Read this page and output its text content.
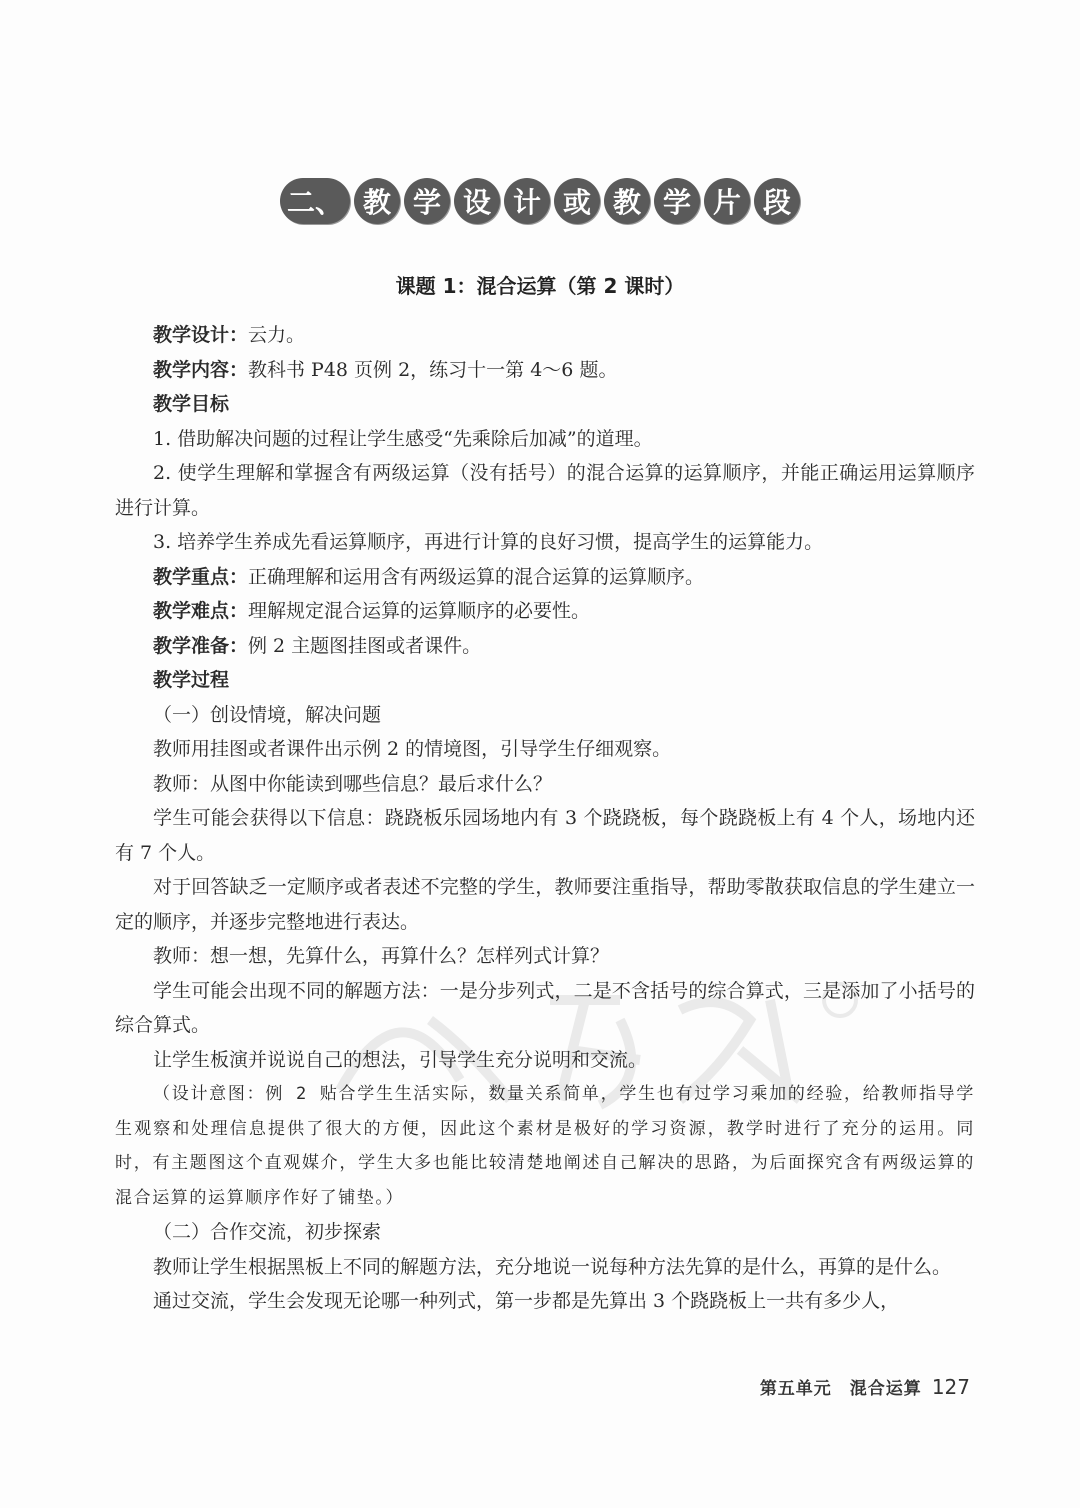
二、 教 学 设 计 或 教 学 片 段
课题 1：混合运算（第 2 课时）

教学设计：云力。

教学内容：教科书 P48 页例 2，练习十一第 4～6 题。

教学目标

1. 借助解决问题的过程让学生感受“先乘除后加减”的道理。

2. 使学生理解和掌握含有两级运算（没有括号）的混合运算的运算顺序，并能正确运用运算顺序进行计算。

3. 培养学生养成先看运算顺序，再进行计算的良好习惯，提高学生的运算能力。

教学重点：正确理解和运用含有两级运算的混合运算的运算顺序。

教学难点：理解规定混合运算的运算顺序的必要性。

教学准备：例 2 主题图挂图或者课件。

教学过程

（一）创设情境，解决问题

教师用挂图或者课件出示例 2 的情境图，引导学生仔细观察。

教师：从图中你能读到哪些信息？最后求什么？

学生可能会获得以下信息：跷跷板乐园场地内有 3 个跷跷板，每个跷跷板上有 4 个人，场地内还有 7 个人。

对于回答缺乏一定顺序或者表述不完整的学生，教师要注重指导，帮助零散获取信息的学生建立一定的顺序，并逐步完整地进行表达。

教师：想一想，先算什么，再算什么？怎样列式计算？

学生可能会出现不同的解题方法：一是分步列式，二是不含括号的综合算式，三是添加了小括号的综合算式。

让学生板演并说说自己的想法，引导学生充分说明和交流。

（设计意图：例 2 贴合学生生活实际，数量关系简单，学生也有过学习乘加的经验，给教师指导学生观察和处理信息提供了很大的方便，因此这个素材是极好的学习资源，教学时进行了充分的运用。同时，有主题图这个直观媒介，学生大多也能比较清楚地阐述自己解决的思路，为后面探究含有两级运算的混合运算的运算顺序作好了铺垫。）

（二）合作交流，初步探索

教师让学生根据黑板上不同的解题方法，充分地说一说每种方法先算的是什么，再算的是什么。

通过交流，学生会发现无论哪一种列式，第一步都是先算出 3 个跷跷板上一共有多少人，

第五单元　混合运算 127
